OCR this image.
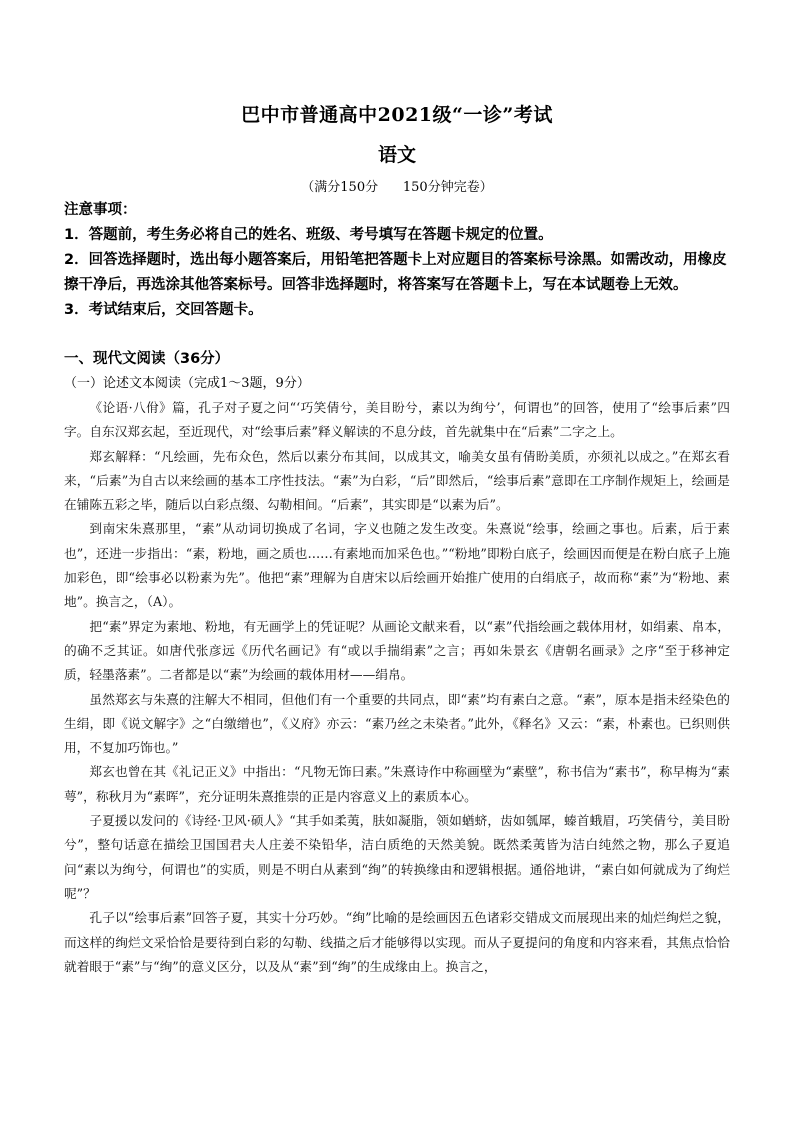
巴中市普通高中2021级“一诊”考试
语文
（满分150分      150分钟完卷）

注意事项：

1．答题前，考生务必将自己的姓名、班级、考号填写在答题卡规定的位置。

2．回答选择题时，选出每小题答案后，用铅笔把答题卡上对应题目的答案标号涂黑。如需改动，用橡皮擦干净后，再选涂其他答案标号。回答非选择题时，将答案写在答题卡上，写在本试题卷上无效。

3．考试结束后，交回答题卡。

一、现代文阅读（36分）
（一）论述文本阅读（完成1～3题，9分）

《论语·八佾》篇，孔子对子夏之问“‘巧笑倩兮，美目盼兮，素以为绚兮’，何谓也”的回答，使用了“绘事后素”四字。自东汉郑玄起，至近现代，对“绘事后素”释义解读的不息分歧，首先就集中在“后素”二字之上。

郑玄解释：“凡绘画，先布众色，然后以素分布其间，以成其文，喻美女虽有倩盼美质，亦须礼以成之。”在郑玄看来，“后素”为自古以来绘画的基本工序性技法。“素”为白彩，“后”即然后，“绘事后素”意即在工序制作规矩上，绘画是在铺陈五彩之毕，随后以白彩点缀、勾勒相间。“后素”，其实即是“以素为后”。

到南宋朱熹那里，“素”从动词切换成了名词，字义也随之发生改变。朱熹说“绘事，绘画之事也。后素，后于素也”，还进一步指出：“素，粉地，画之质也……有素地而加采色也。”“粉地”即粉白底子，绘画因而便是在粉白底子上施加彩色，即“绘事必以粉素为先”。他把“素”理解为自唐宋以后绘画开始推广使用的白绢底子，故而称“素”为“粉地、素地”。换言之，（A）。

把“素”界定为素地、粉地，有无画学上的凭证呢？从画论文献来看，以“素”代指绘画之载体用材，如绢素、帛本，的确不乏其证。如唐代张彦远《历代名画记》有“或以手揣绢素”之言；再如朱景玄《唐朝名画录》之序“至于移神定质，轻墨落素”。二者都是以“素”为绘画的载体用材——绢帛。

虽然郑玄与朱熹的注解大不相同，但他们有一个重要的共同点，即“素”均有素白之意。“素”，原本是指未经染色的生绢，即《说文解字》之“白缴缯也”，《义府》亦云：“素乃丝之未染者。”此外，《释名》又云：“素，朴素也。已织则供用，不复加巧饰也。”

郑玄也曾在其《礼记正义》中指出：“凡物无饰曰素。”朱熹诗作中称画壁为“素壁”，称书信为“素书”，称早梅为“素萼”，称秋月为“素晖”，充分证明朱熹推崇的正是内容意义上的素质本心。

子夏援以发问的《诗经·卫风·硕人》“其手如柔荑，肤如凝脂，领如蝤蛴，齿如瓠犀，螓首蛾眉，巧笑倩兮，美目盼兮”，整句话意在描绘卫国国君夫人庄姜不染铅华，洁白质绝的天然美貌。既然柔荑皆为洁白纯然之物，那么子夏追问“素以为绚兮，何谓也”的实质，则是不明白从素到“绚”的转换缘由和逻辑根据。通俗地讲，“素白如何就成为了绚烂呢”？

孔子以“绘事后素”回答子夏，其实十分巧妙。“绚”比喻的是绘画因五色诸彩交错成文而展现出来的灿烂绚烂之貌，而这样的绚烂文采恰恰是要待到白彩的勾勒、线描之后才能够得以实现。而从子夏提问的角度和内容来看，其焦点恰恰就着眼于“素”与“绚”的意义区分，以及从“素”到“绚”的生成缘由上。换言之，
